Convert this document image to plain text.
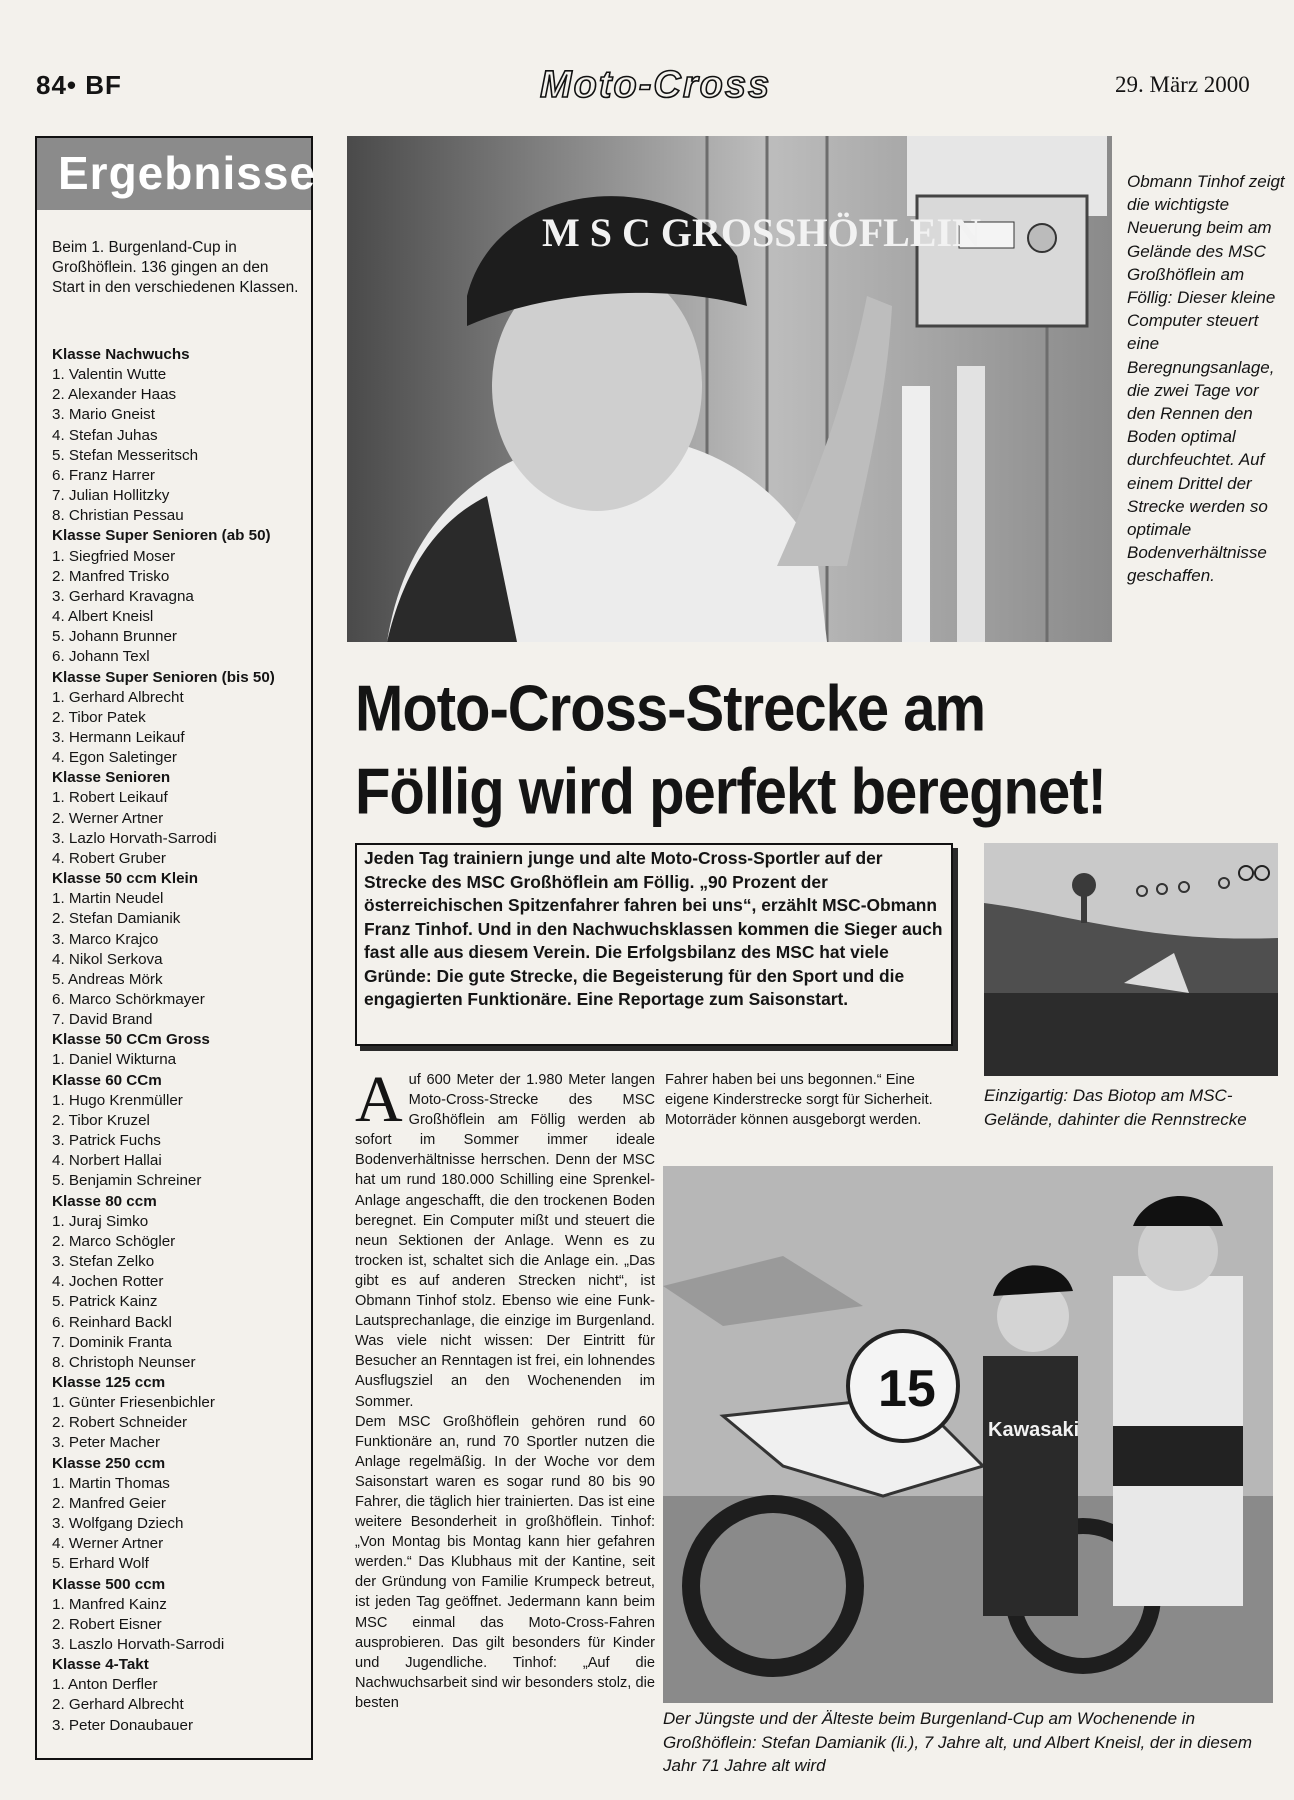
84• BF	Moto-Cross	29. März 2000
Ergebnisse
Beim 1. Burgenland-Cup in Großhöflein. 136 gingen an den Start in den verschiedenen Klassen.
Klasse Nachwuchs
1. Valentin Wutte
2. Alexander Haas
3. Mario Gneist
4. Stefan Juhas
5. Stefan Messeritsch
6. Franz Harrer
7. Julian Hollitzky
8. Christian Pessau
Klasse Super Senioren (ab 50)
1. Siegfried Moser
2. Manfred Trisko
3. Gerhard Kravagna
4. Albert Kneisl
5. Johann Brunner
6. Johann Texl
Klasse Super Senioren (bis 50)
1. Gerhard Albrecht
2. Tibor Patek
3. Hermann Leikauf
4. Egon Saletinger
Klasse Senioren
1. Robert Leikauf
2. Werner Artner
3. Lazlo Horvath-Sarrodi
4. Robert Gruber
Klasse 50 ccm Klein
1. Martin Neudel
2. Stefan Damianik
3. Marco Krajco
4. Nikol Serkova
5. Andreas Mörk
6. Marco Schörkmayer
7. David Brand
Klasse 50 CCm Gross
1. Daniel Wikturna
Klasse 60 CCm
1. Hugo Krenmüller
2. Tibor Kruzel
3. Patrick Fuchs
4. Norbert Hallai
5. Benjamin Schreiner
Klasse 80 ccm
1. Juraj Simko
2. Marco Schögler
3. Stefan Zelko
4. Jochen Rotter
5. Patrick Kainz
6. Reinhard Backl
7. Dominik Franta
8. Christoph Neunser
Klasse 125 ccm
1. Günter Friesenbichler
2. Robert Schneider
3. Peter Macher
Klasse 250 ccm
1. Martin Thomas
2. Manfred Geier
3. Wolfgang Dziech
4. Werner Artner
5. Erhard Wolf
Klasse 500 ccm
1. Manfred Kainz
2. Robert Eisner
3. Laszlo Horvath-Sarrodi
Klasse 4-Takt
1. Anton Derfler
2. Gerhard Albrecht
3. Peter Donaubauer
M S C GROSSHÖFLEIN
Obmann Tinhof zeigt die wichtigste Neuerung beim am Gelände des MSC Großhöflein am Föllig: Dieser kleine Computer steuert eine Beregnungsanlage, die zwei Tage vor den Rennen den Boden optimal durchfeuchtet. Auf einem Drittel der Strecke werden so optimale Bodenverhältnisse geschaffen.
Moto-Cross-Strecke am
Föllig wird perfekt beregnet!
Jeden Tag trainiern junge und alte Moto-Cross-Sportler auf der Strecke des MSC Großhöflein am Föllig. „90 Prozent der österreichischen Spitzenfahrer fahren bei uns“, erzählt MSC-Obmann Franz Tinhof. Und in den Nachwuchsklassen kommen die Sieger auch fast alle aus diesem Verein. Die Erfolgsbilanz des MSC hat viele Gründe: Die gute Strecke, die Begeisterung für den Sport und die engagierten Funktionäre. Eine Reportage zum Saisonstart.
Einzigartig: Das Biotop am MSC-Gelände, dahinter die Rennstrecke
Auf 600 Meter der 1.980 Meter langen Moto-Cross-Strecke des MSC Großhöflein am Föllig werden ab sofort im Sommer immer ideale Bodenverhältnisse herrschen. Denn der MSC hat um rund 180.000 Schilling eine Sprenkel-Anlage angeschafft, die den trockenen Boden beregnet. Ein Computer mißt und steuert die neun Sektionen der Anlage. Wenn es zu trocken ist, schaltet sich die Anlage ein. „Das gibt es auf anderen Strecken nicht“, ist Obmann Tinhof stolz. Ebenso wie eine Funk-Lautsprechanlage, die einzige im Burgenland. Was viele nicht wissen: Der Eintritt für Besucher an Renntagen ist frei, ein lohnendes Ausflugsziel an den Wochenenden im Sommer.
Dem MSC Großhöflein gehören rund 60 Funktionäre an, rund 70 Sportler nutzen die Anlage regelmäßig. In der Woche vor dem Saisonstart waren es sogar rund 80 bis 90 Fahrer, die täglich hier trainierten. Das ist eine weitere Besonderheit in großhöflein. Tinhof: „Von Montag bis Montag kann hier gefahren werden.“ Das Klubhaus mit der Kantine, seit der Gründung von Familie Krumpeck betreut, ist jeden Tag geöffnet. Jedermann kann beim MSC einmal das Moto-Cross-Fahren ausprobieren. Das gilt besonders für Kinder und Jugendliche. Tinhof: „Auf die Nachwuchsarbeit sind wir besonders stolz, die besten
Fahrer haben bei uns begonnen.“ Eine eigene Kinderstrecke sorgt für Sicherheit. Motorräder können ausgeborgt werden.
15
Kawasaki
Der Jüngste und der Älteste beim Burgenland-Cup am Wochenende in Großhöflein: Stefan Damianik (li.), 7 Jahre alt, und Albert Kneisl, der in diesem Jahr 71 Jahre alt wird
